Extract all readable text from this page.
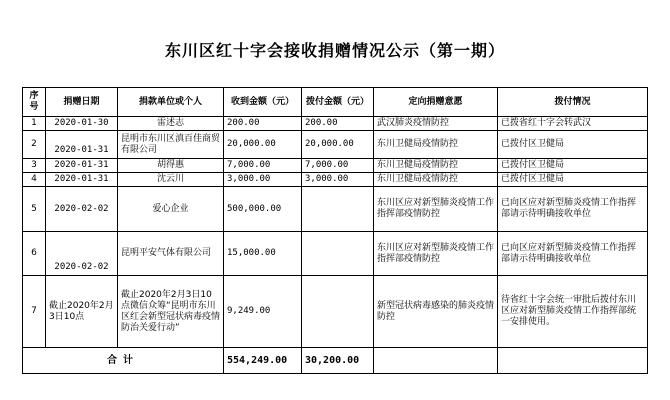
东川区红十字会接收捐赠情况公示（第一期）
序号	捐赠日期	捐款单位或个人	收到金额（元）	拨付金额（元）	定向捐赠意愿	拨付情况
1	2020-01-30	雷述志	200.00	200.00	武汉肺炎疫情防控	已拨省红十字会转武汉
2	2020-01-31	昆明市东川区滇百佳商贸有限公司	20,000.00	20,000.00	东川卫健局疫情防控	已拨付区卫健局
3	2020-01-31	胡得惠	7,000.00	7,000.00	东川卫健局疫情防控	已拨付区卫健局
4	2020-01-31	沈云川	3,000.00	3,000.00	东川卫健局疫情防控	已拨付区卫健局
5	2020-02-02	爱心企业	500,000.00		东川区应对新型肺炎疫情工作指挥部疫情防控	已向区应对新型肺炎疫情工作指挥部请示待明确接收单位
6	2020-02-02	昆明平安气体有限公司	15,000.00		东川区应对新型肺炎疫情工作指挥部疫情防控	已向区应对新型肺炎疫情工作指挥部请示待明确接收单位
7	截止2020年2月3日10点	截止2020年2月3日10点微信众筹“昆明市东川区红会新型冠状病毒疫情防治关爱行动”	9,249.00		新型冠状病毒感染的肺炎疫情防控	待省红十字会统一审批后拨付东川区应对新型肺炎疫情工作指挥部统一安排使用。
合计			554,249.00	30,200.00		
